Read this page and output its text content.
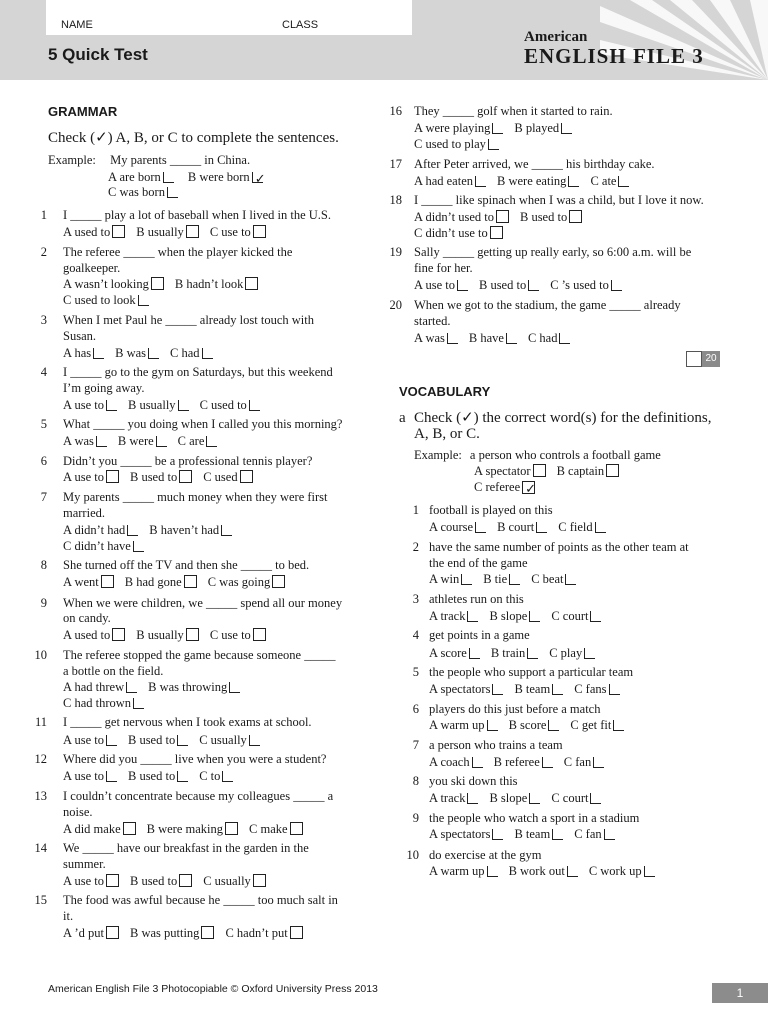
NAME	CLASS
5 Quick Test
American
ENGLISH FILE 3
GRAMMAR
Check (✓) A, B, or C to complete the sentences.
Example: My parents _____ in China.
A are born B were born ✓
C was born
1 I _____ play a lot of baseball when I lived in the U.S.
A used to B usually C use to
2 The referee _____ when the player kicked the
goalkeeper.
A wasn’t looking B hadn’t look
C used to look
3 When I met Paul he _____ already lost touch with
Susan.
A has B was C had
4 I _____ go to the gym on Saturdays, but this weekend
I’m going away.
A use to B usually C used to
5 What _____ you doing when I called you this morning?
A was B were C are
6 Didn’t you _____ be a professional tennis player?
A use to B used to C used
7 My parents _____ much money when they were first
married.
A didn’t had B haven’t had
C didn’t have
8 She turned off the TV and then she _____ to bed.
A went B had gone C was going
9 When we were children, we _____ spend all our money
on candy.
A used to B usually C use to
10 The referee stopped the game because someone _____
a bottle on the field.
A had threw B was throwing
C had thrown
11 I _____ get nervous when I took exams at school.
A use to B used to C usually
12 Where did you _____ live when you were a student?
A use to B used to C to
13 I couldn’t concentrate because my colleagues _____ a
noise.
A did make B were making C make
14 We _____ have our breakfast in the garden in the
summer.
A use to B used to C usually
15 The food was awful because he _____ too much salt in
it.
A ’d put B was putting C hadn’t put
16 They _____ golf when it started to rain.
A were playing B played
C used to play
17 After Peter arrived, we _____ his birthday cake.
A had eaten B were eating C ate
18 I _____ like spinach when I was a child, but I love it now.
A didn’t used to B used to
C didn’t use to
19 Sally _____ getting up really early, so 6:00 a.m. will be
fine for her.
A use to B used to C ’s used to
20 When we got to the stadium, the game _____ already
started.
A was B have C had
20
VOCABULARY
a Check (✓) the correct word(s) for the definitions,
A, B, or C.
Example: a person who controls a football game
A spectator B captain
C referee ✓
1 football is played on this
A course B court C field
2 have the same number of points as the other team at
the end of the game
A win B tie C beat
3 athletes run on this
A track B slope C court
4 get points in a game
A score B train C play
5 the people who support a particular team
A spectators B team C fans
6 players do this just before a match
A warm up B score C get fit
7 a person who trains a team
A coach B referee C fan
8 you ski down this
A track B slope C court
9 the people who watch a sport in a stadium
A spectators B team C fan
10 do exercise at the gym
A warm up B work out C work up
American English File 3 Photocopiable © Oxford University Press 2013	1
